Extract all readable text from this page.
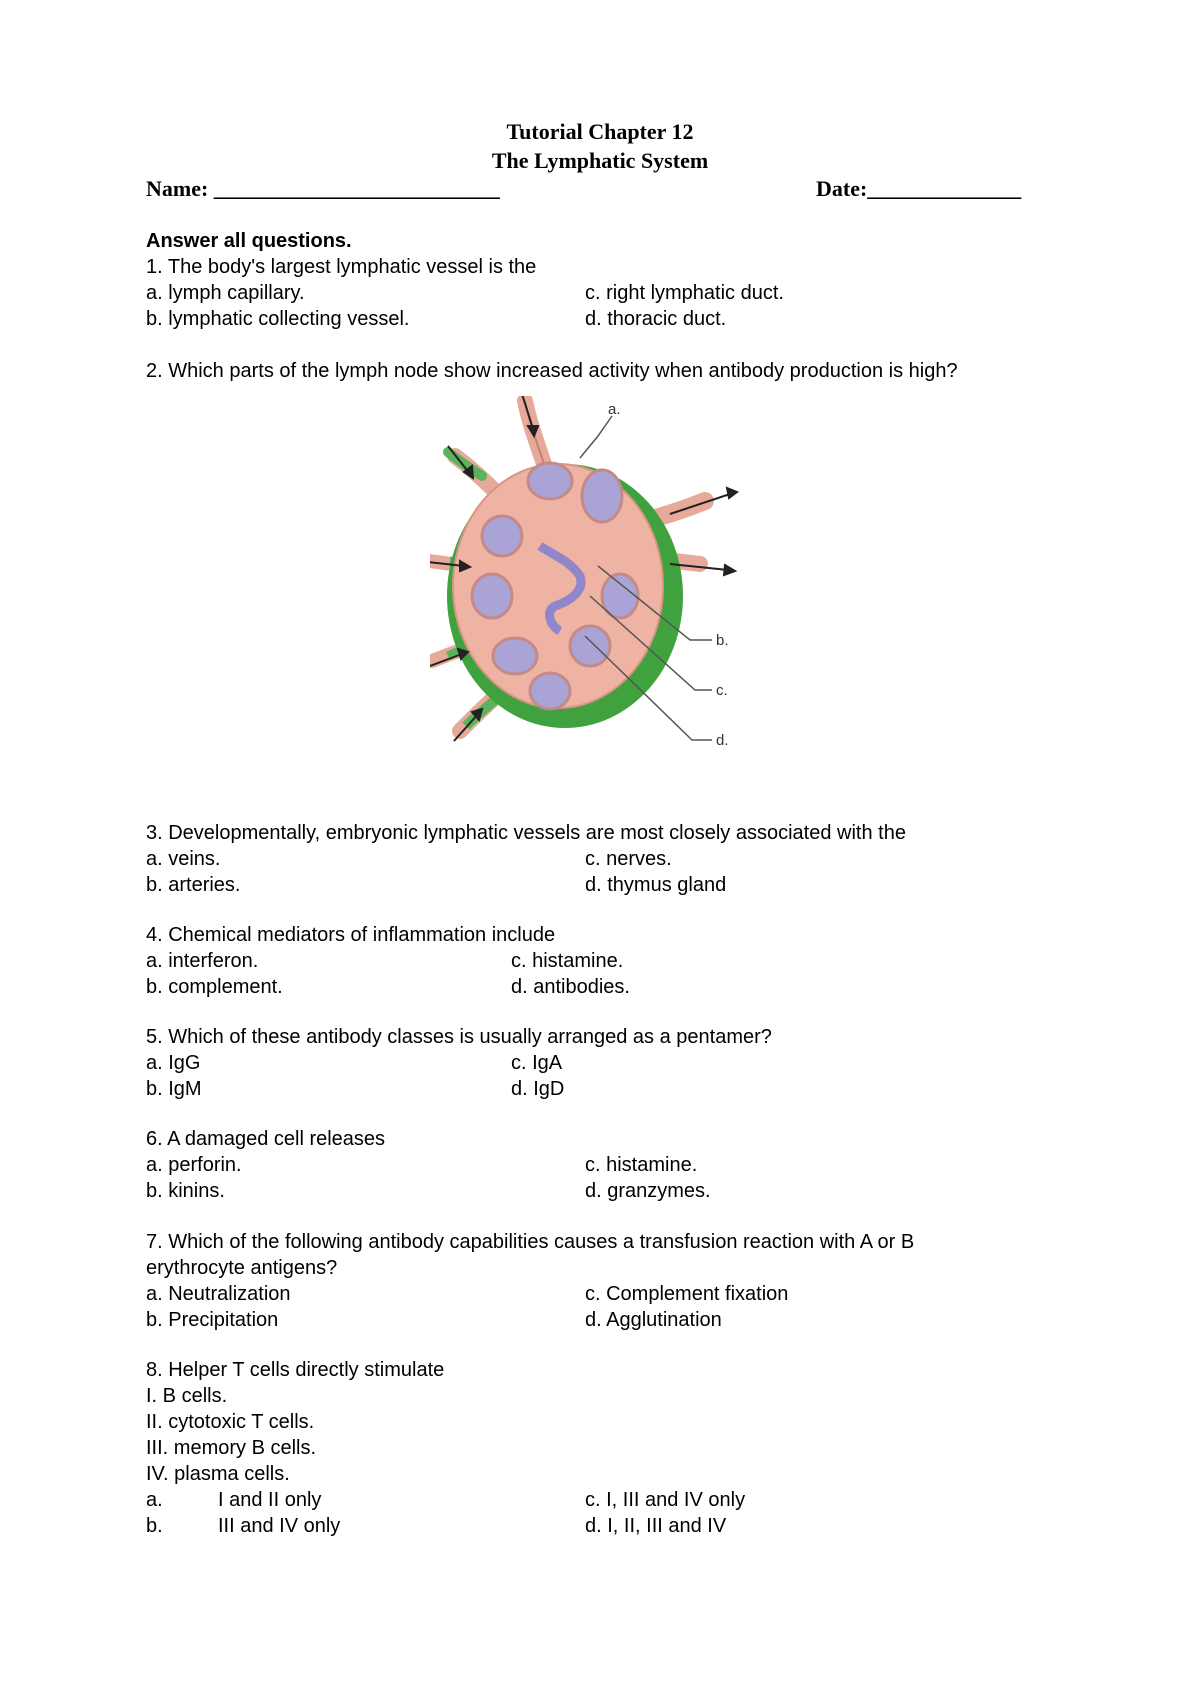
Tutorial Chapter 12
The Lymphatic System
Name: __________________________	Date:______________
Answer all questions.
1. The body's largest lymphatic vessel is the
a. lymph capillary.	c. right lymphatic duct.
b. lymphatic collecting vessel.	d. thoracic duct.
2. Which parts of the lymph node show increased activity when antibody production is high?
a.
b.
c.
d.
3. Developmentally, embryonic lymphatic vessels are most closely associated with the
a. veins.	c. nerves.
b. arteries.	d. thymus gland
4. Chemical mediators of inflammation include
a. interferon.	c. histamine.
b. complement.	d. antibodies.
5. Which of these antibody classes is usually arranged as a pentamer?
a. IgG	c. IgA
b. IgM	d. IgD
6. A damaged cell releases
a. perforin.	c. histamine.
b. kinins.	d. granzymes.
7. Which of the following antibody capabilities causes a transfusion reaction with A or B
erythrocyte antigens?
a. Neutralization	c. Complement fixation
b. Precipitation	d. Agglutination
8. Helper T cells directly stimulate
I. B cells.
II. cytotoxic T cells.
III. memory B cells.
IV. plasma cells.
a.	I and II only	c. I, III and IV only
b.	III and IV only	d. I, II, III and IV
